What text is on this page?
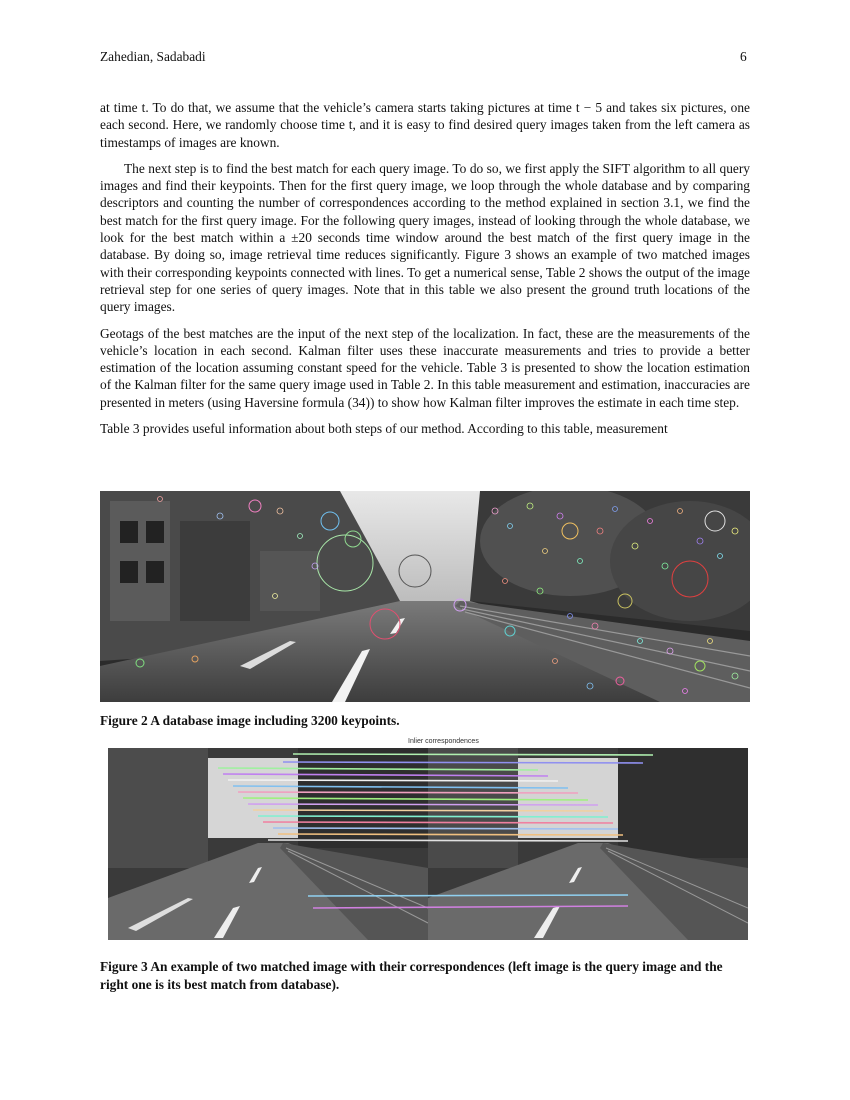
Zahedian, Sadabadi	6

at time t. To do that, we assume that the vehicle’s camera starts taking pictures at time t − 5 and takes six pictures, one each second. Here, we randomly choose time t, and it is easy to find desired query images taken from the left camera as timestamps of images are known.

The next step is to find the best match for each query image. To do so, we first apply the SIFT algorithm to all query images and find their keypoints. Then for the first query image, we loop through the whole database and by comparing descriptors and counting the number of correspondences according to the method explained in section 3.1, we find the best match for the first query image. For the following query images, instead of looking through the whole database, we look for the best match within a ±20 seconds time window around the best match of the first query image in the database. By doing so, image retrieval time reduces significantly. Figure 3 shows an example of two matched images with their corresponding keypoints connected with lines. To get a numerical sense, Table 2 shows the output of the image retrieval step for one series of query images. Note that in this table we also present the ground truth locations of the query images.

Geotags of the best matches are the input of the next step of the localization. In fact, these are the measurements of the vehicle’s location in each second. Kalman filter uses these inaccurate measurements and tries to provide a better estimation of the location assuming constant speed for the vehicle. Table 3 is presented to show the location estimation of the Kalman filter for the same query image used in Table 2. In this table measurement and estimation, inaccuracies are presented in meters (using Haversine formula (34)) to show how Kalman filter improves the estimate in each time step.

Table 3 provides useful information about both steps of our method. According to this table, measurement

Figure 2 A database image including 3200 keypoints.
Inlier correspondences
Figure 3 An example of two matched image with their correspondences (left image is the query image and the right one is its best match from database).
